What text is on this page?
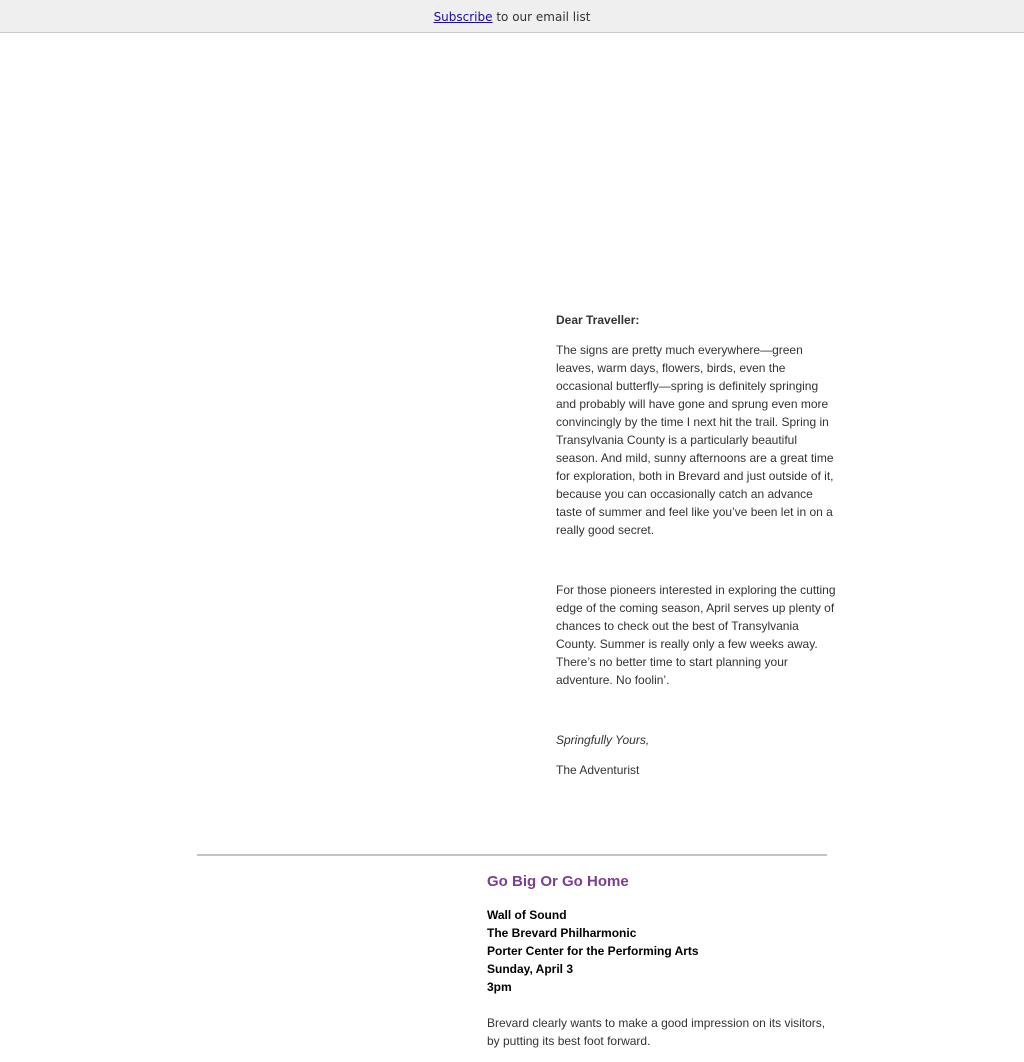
Subscribe to our email list

Dear Traveller:

The signs are pretty much everywhere—green leaves, warm days, flowers, birds, even the occasional butterfly—spring is definitely springing and probably will have gone and sprung even more convincingly by the time I next hit the trail. Spring in Transylvania County is a particularly beautiful season. And mild, sunny afternoons are a great time for exploration, both in Brevard and just outside of it, because you can occasionally catch an advance taste of summer and feel like you’ve been let in on a really good secret.

For those pioneers interested in exploring the cutting edge of the coming season, April serves up plenty of chances to check out the best of Transylvania County. Summer is really only a few weeks away. There’s no better time to start planning your adventure. No foolin’.

Springfully Yours,

The Adventurist

Go Big Or Go Home
Wall of Sound
The Brevard Philharmonic
Porter Center for the Performing Arts
Sunday, April 3
3pm

Brevard clearly wants to make a good impression on its visitors, by putting its best foot forward.
